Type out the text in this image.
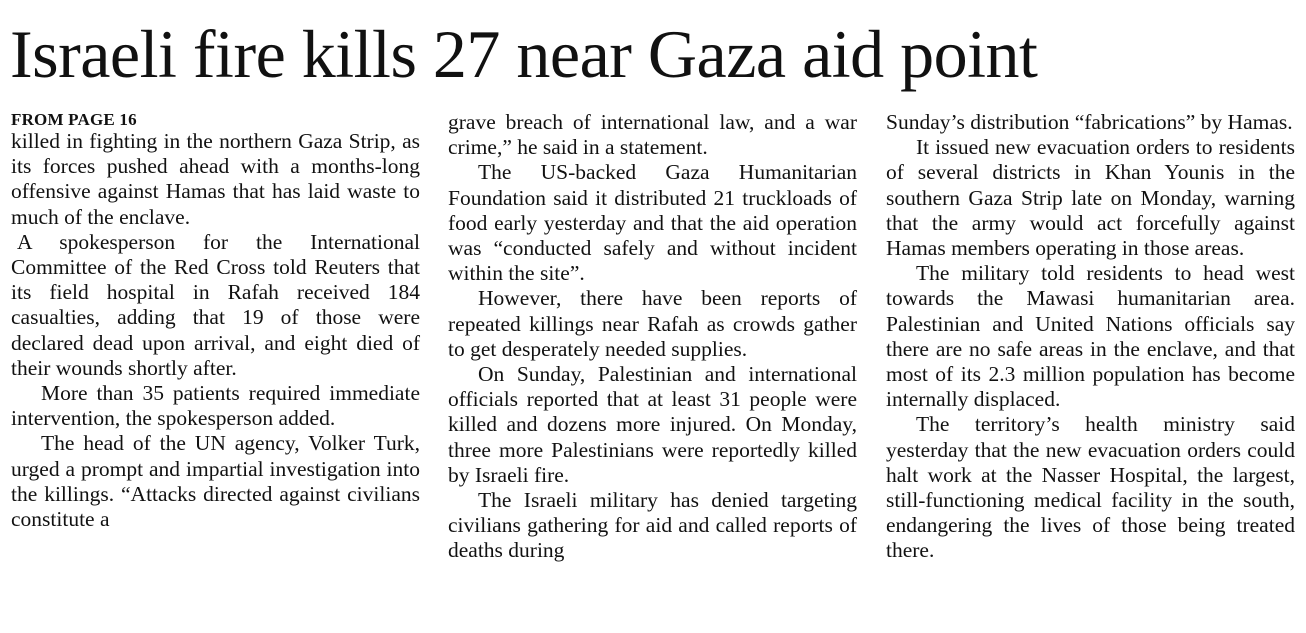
Israeli fire kills 27 near Gaza aid point
FROM PAGE 16

killed in fighting in the northern Gaza Strip, as its forces pushed ahead with a months-long offensive against Hamas that has laid waste to much of the enclave.

A spokesperson for the International Committee of the Red Cross told Reuters that its field hospital in Rafah received 184 casualties, adding that 19 of those were declared dead upon arrival, and eight died of their wounds shortly after.

More than 35 patients required immediate intervention, the spokesperson added.

The head of the UN agency, Volker Turk, urged a prompt and impartial investigation into the killings. “Attacks directed against civilians constitute a

grave breach of international law, and a war crime,” he said in a statement.

The US-backed Gaza Humanitarian Foundation said it distributed 21 truckloads of food early yesterday and that the aid operation was “conducted safely and without incident within the site”.

However, there have been reports of repeated killings near Rafah as crowds gather to get desperately needed supplies.

On Sunday, Palestinian and international officials reported that at least 31 people were killed and dozens more injured. On Monday, three more Palestinians were reportedly killed by Israeli fire.

The Israeli military has denied targeting civilians gathering for aid and called reports of deaths during

Sunday’s distribution “fabrications” by Hamas.

It issued new evacuation orders to residents of several districts in Khan Younis in the southern Gaza Strip late on Monday, warning that the army would act forcefully against Hamas members operating in those areas.

The military told residents to head west towards the Mawasi humanitarian area. Palestinian and United Nations officials say there are no safe areas in the enclave, and that most of its 2.3 million population has become internally displaced.

The territory’s health ministry said yesterday that the new evacuation orders could halt work at the Nasser Hospital, the largest, still-functioning medical facility in the south, endangering the lives of those being treated there.
